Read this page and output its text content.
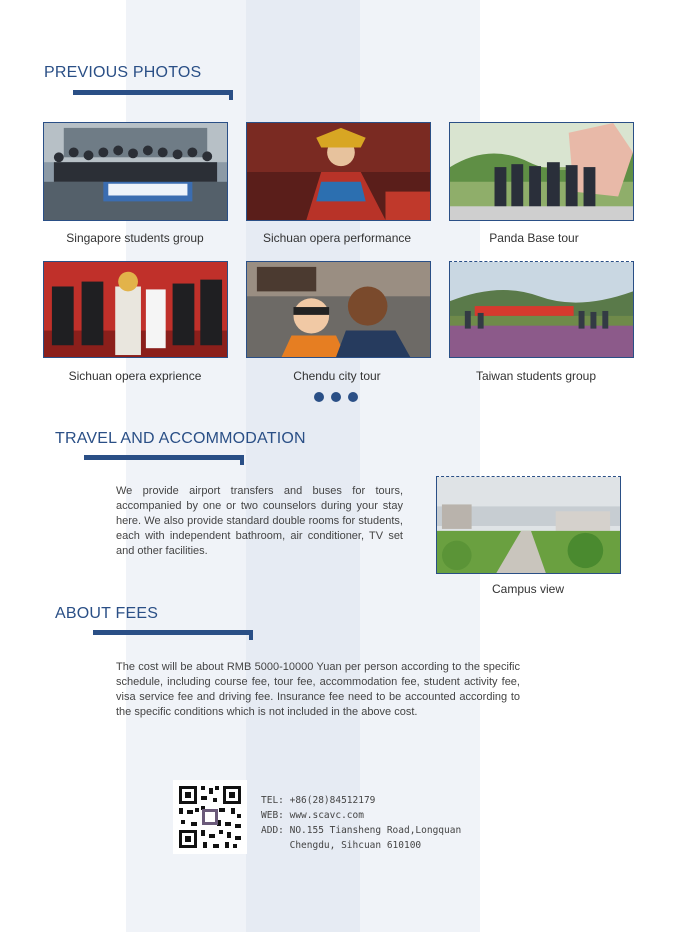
PREVIOUS PHOTOS
Singapore students group	Sichuan opera performance	Panda Base tour
Sichuan opera exprience	Chendu city tour	Taiwan students group
TRAVEL AND ACCOMMODATION

We provide airport transfers and buses for tours, accompanied by one or two counselors during your stay here. We also provide standard double rooms for students, each with independent bathroom, air conditioner, TV set and other facilities.

Campus view
ABOUT FEES

The cost will be about RMB 5000-10000 Yuan per person according to the specific schedule, including course fee, tour fee, accommodation fee, student activity fee, visa service fee and driving fee. Insurance fee need to be accounted according to the specific conditions which is not included in the above cost.

TEL: +86(28)84512179
WEB: www.scavc.com
ADD: NO.155 Tiansheng Road,Longquan
Chengdu, Sihcuan 610100
